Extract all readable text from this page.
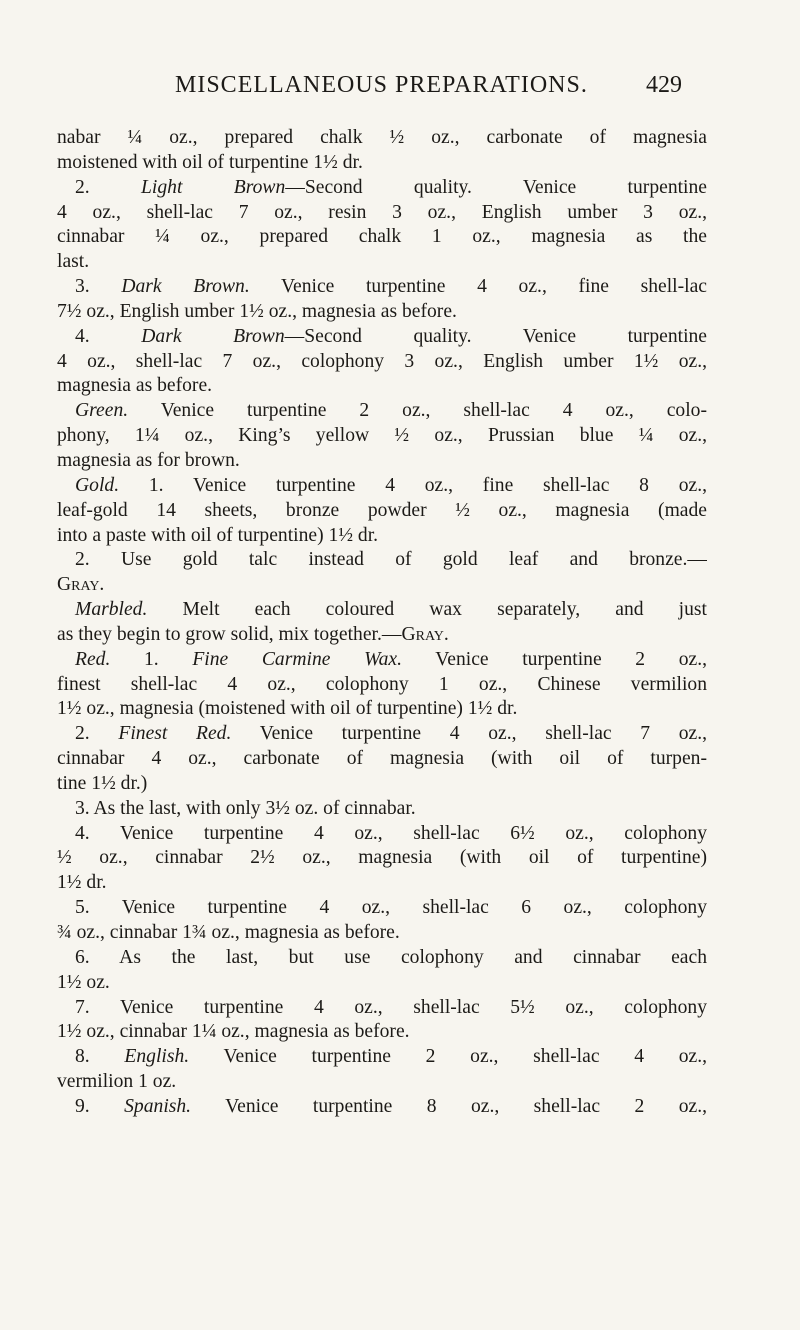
MISCELLANEOUS PREPARATIONS. 429
nabar ¼ oz., prepared chalk ½ oz., carbonate of magnesia
moistened with oil of turpentine 1½ dr.
2. Light Brown—Second quality. Venice turpentine
4 oz., shell-lac 7 oz., resin 3 oz., English umber 3 oz.,
cinnabar ¼ oz., prepared chalk 1 oz., magnesia as the
last.
3. Dark Brown. Venice turpentine 4 oz., fine shell-lac
7½ oz., English umber 1½ oz., magnesia as before.
4. Dark Brown—Second quality. Venice turpentine
4 oz., shell-lac 7 oz., colophony 3 oz., English umber 1½ oz.,
magnesia as before.
Green. Venice turpentine 2 oz., shell-lac 4 oz., colo-
phony, 1¼ oz., King’s yellow ½ oz., Prussian blue ¼ oz.,
magnesia as for brown.
Gold. 1. Venice turpentine 4 oz., fine shell-lac 8 oz.,
leaf-gold 14 sheets, bronze powder ½ oz., magnesia (made
into a paste with oil of turpentine) 1½ dr.
2. Use gold talc instead of gold leaf and bronze.—
Gray.
Marbled. Melt each coloured wax separately, and just
as they begin to grow solid, mix together.—Gray.
Red. 1. Fine Carmine Wax. Venice turpentine 2 oz.,
finest shell-lac 4 oz., colophony 1 oz., Chinese vermilion
1½ oz., magnesia (moistened with oil of turpentine) 1½ dr.
2. Finest Red. Venice turpentine 4 oz., shell-lac 7 oz.,
cinnabar 4 oz., carbonate of magnesia (with oil of turpen-
tine 1½ dr.)
3. As the last, with only 3½ oz. of cinnabar.
4. Venice turpentine 4 oz., shell-lac 6½ oz., colophony
½ oz., cinnabar 2½ oz., magnesia (with oil of turpentine)
1½ dr.
5. Venice turpentine 4 oz., shell-lac 6 oz., colophony
¾ oz., cinnabar 1¾ oz., magnesia as before.
6. As the last, but use colophony and cinnabar each
1½ oz.
7. Venice turpentine 4 oz., shell-lac 5½ oz., colophony
1½ oz., cinnabar 1¼ oz., magnesia as before.
8. English. Venice turpentine 2 oz., shell-lac 4 oz.,
vermilion 1 oz.
9. Spanish. Venice turpentine 8 oz., shell-lac 2 oz.,
